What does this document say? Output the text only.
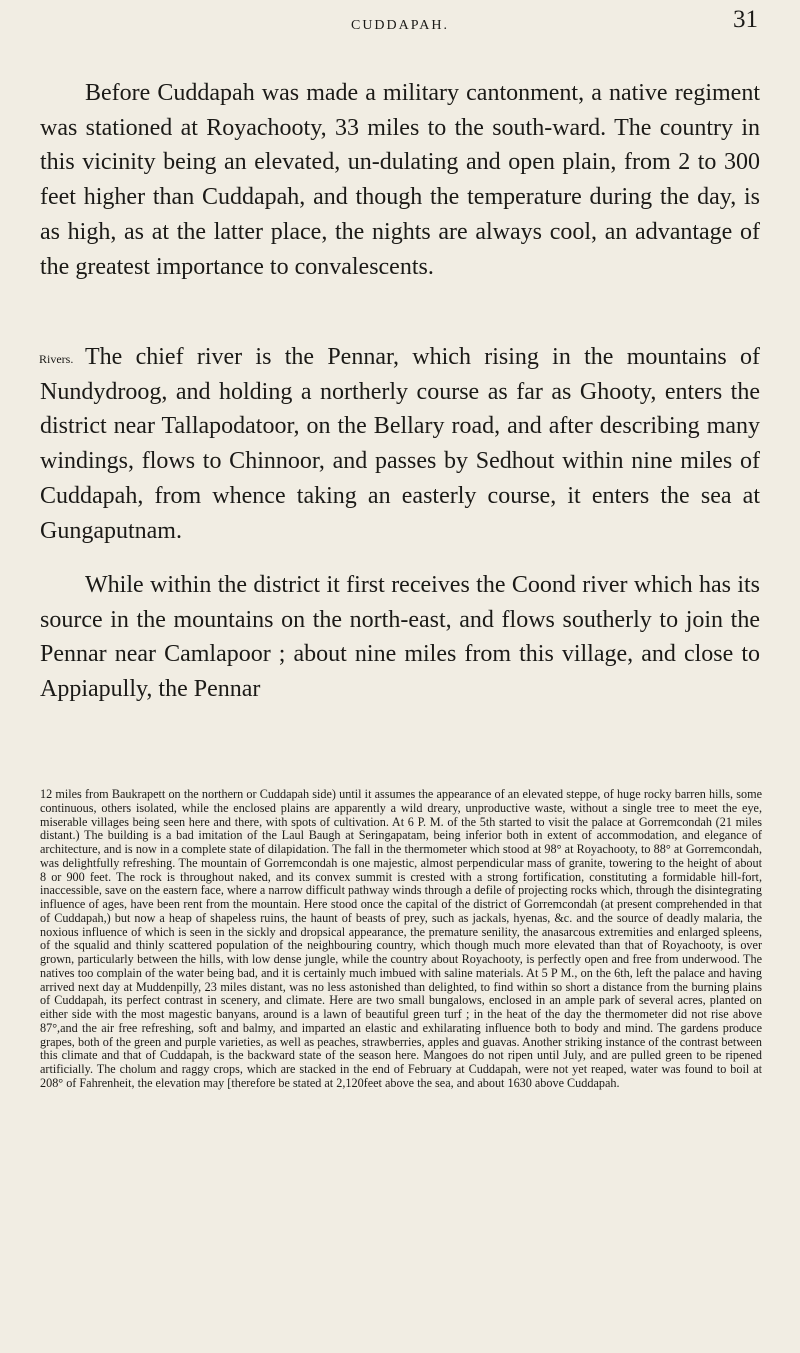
CUDDAPAH.	31

Before Cuddapah was made a military cantonment, a native regiment was stationed at Royachooty, 33 miles to the south-ward. The country in this vicinity being an elevated, un-dulating and open plain, from 2 to 300 feet higher than Cuddapah, and though the temperature during the day, is as high, as at the latter place, the nights are always cool, an advantage of the greatest importance to convalescents.

Rivers. The chief river is the Pennar, which rising in the mountains of Nundydroog, and holding a northerly course as far as Ghooty, enters the district near Tallapodatoor, on the Bellary road, and after describing many windings, flows to Chinnoor, and passes by Sedhout within nine miles of Cuddapah, from whence taking an easterly course, it enters the sea at Gungaputnam.

While within the district it first receives the Coond river which has its source in the mountains on the north-east, and flows southerly to join the Pennar near Camlapoor ; about nine miles from this village, and close to Appiapully, the Pennar

12 miles from Baukrapett on the northern or Cuddapah side) until it assumes the appearance of an elevated steppe, of huge rocky barren hills, some continuous, others isolated, while the enclosed plains are apparently a wild dreary, unproductive waste, without a single tree to meet the eye, miserable villages being seen here and there, with spots of cultivation. At 6 P. M. of the 5th started to visit the palace at Gorremcondah (21 miles distant.) The building is a bad imitation of the Laul Baugh at Seringapatam, being inferior both in extent of accommodation, and elegance of architecture, and is now in a complete state of dilapidation. The fall in the thermometer which stood at 98° at Royachooty, to 88° at Gorremcondah, was delightfully refreshing. The mountain of Gorremcondah is one majestic, almost perpendicular mass of granite, towering to the height of about 8 or 900 feet. The rock is throughout naked, and its convex summit is crested with a strong fortification, constituting a formidable hill-fort, inaccessible, save on the eastern face, where a narrow difficult pathway winds through a defile of projecting rocks which, through the disintegrating influence of ages, have been rent from the mountain. Here stood once the capital of the district of Gorremcondah (at present comprehended in that of Cuddapah,) but now a heap of shapeless ruins, the haunt of beasts of prey, such as jackals, hyenas, &c. and the source of deadly malaria, the noxious influence of which is seen in the sickly and dropsical appearance, the premature senility, the anasarcous extremities and enlarged spleens, of the squalid and thinly scattered population of the neighbouring country, which though much more elevated than that of Royachooty, is over grown, particularly between the hills, with low dense jungle, while the country about Royachooty, is perfectly open and free from underwood. The natives too complain of the water being bad, and it is certainly much imbued with saline materials. At 5 P M., on the 6th, left the palace and having arrived next day at Muddenpilly, 23 miles distant, was no less astonished than delighted, to find within so short a distance from the burning plains of Cuddapah, its perfect contrast in scenery, and climate. Here are two small bungalows, enclosed in an ample park of several acres, planted on either side with the most magestic banyans, around is a lawn of beautiful green turf ; in the heat of the day the thermometer did not rise above 87°,and the air free refreshing, soft and balmy, and imparted an elastic and exhilarating influence both to body and mind. The gardens produce grapes, both of the green and purple varieties, as well as peaches, strawberries, apples and guavas. Another striking instance of the contrast between this climate and that of Cuddapah, is the backward state of the season here. Mangoes do not ripen until July, and are pulled green to be ripened artificially. The cholum and raggy crops, which are stacked in the end of February at Cuddapah, were not yet reaped, water was found to boil at 208° of Fahrenheit, the elevation may [therefore be stated at 2,120feet above the sea, and about 1630 above Cuddapah.
